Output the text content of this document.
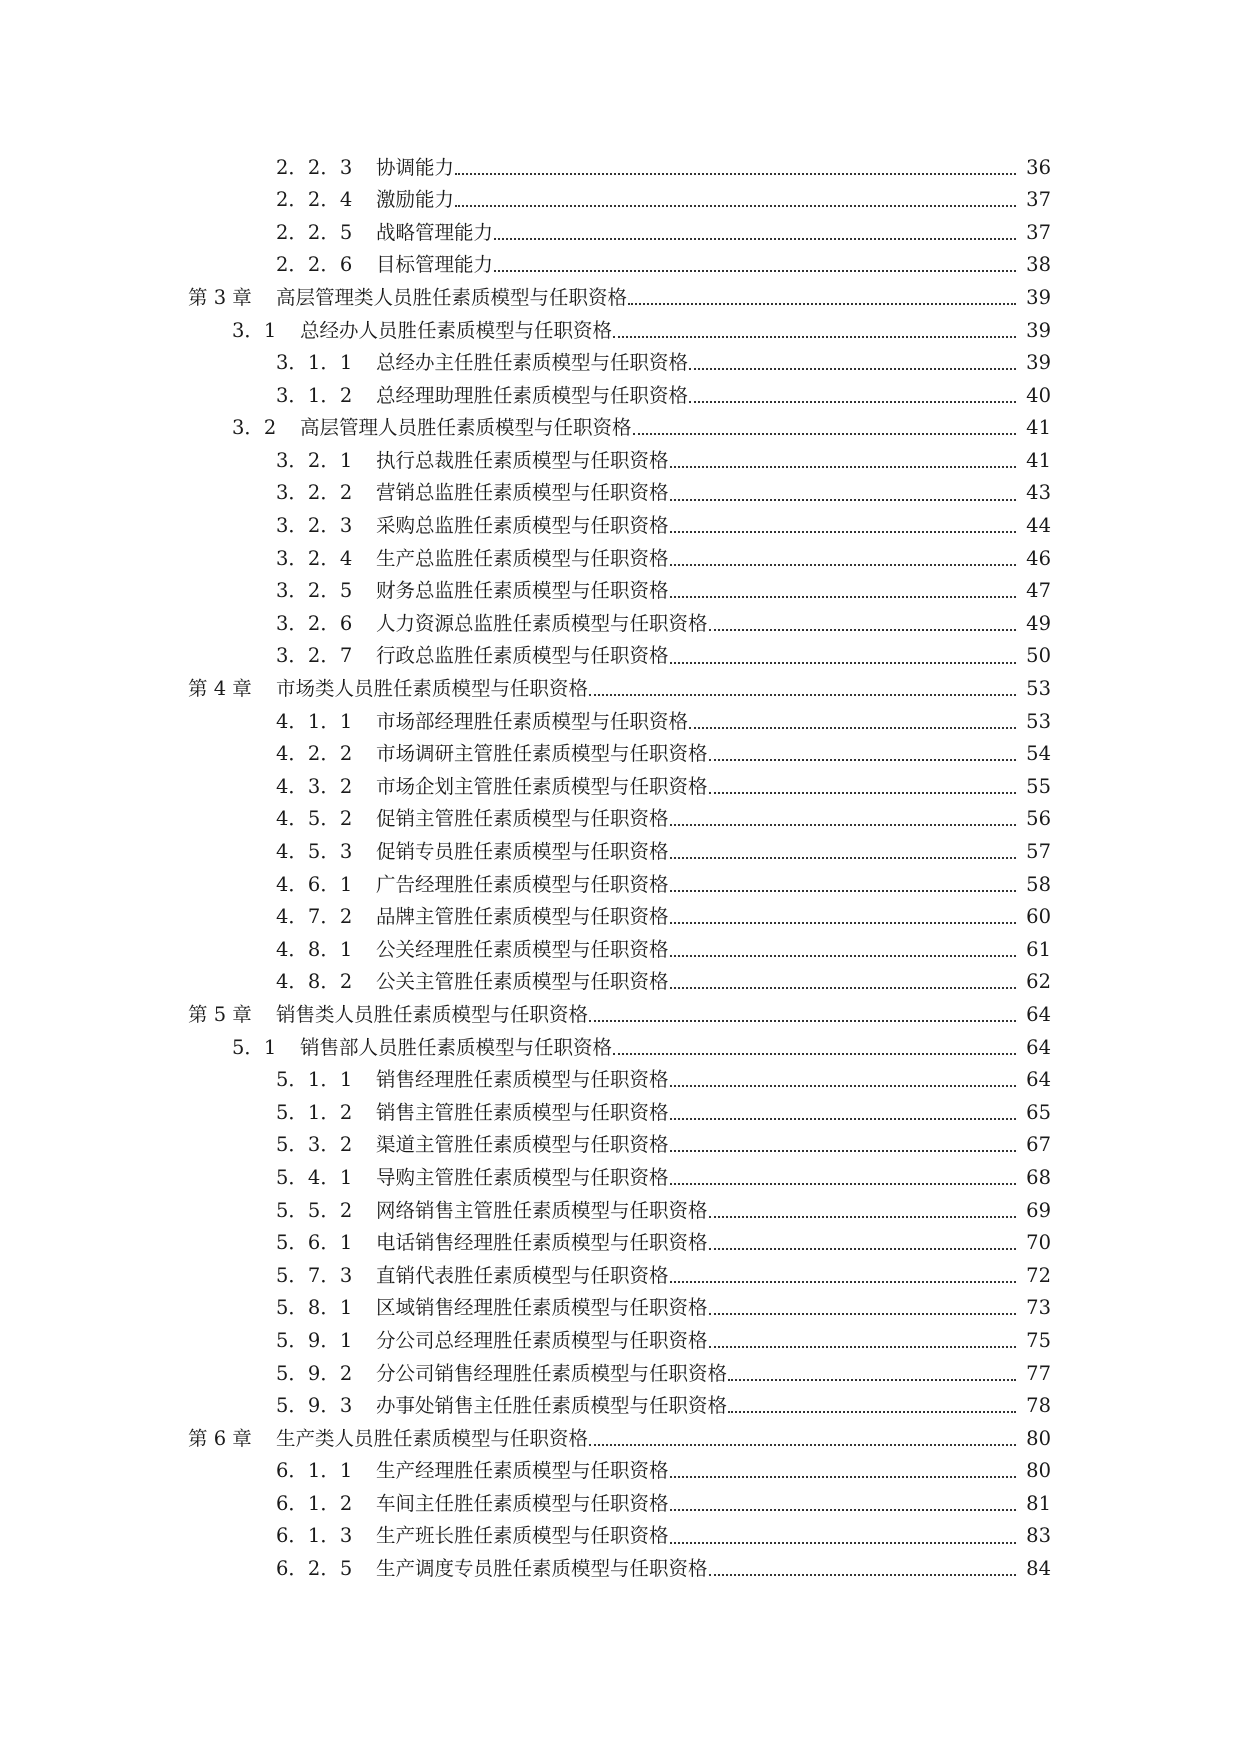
2．2．3	协调能力	36
2．2．4	激励能力	37
2．2．5	战略管理能力	37
2．2．6	目标管理能力	38
第 3 章	高层管理类人员胜任素质模型与任职资格	39
3．1	总经办人员胜任素质模型与任职资格	39
3．1．1	总经办主任胜任素质模型与任职资格	39
3．1．2	总经理助理胜任素质模型与任职资格	40
3．2	高层管理人员胜任素质模型与任职资格	41
3．2．1	执行总裁胜任素质模型与任职资格	41
3．2．2	营销总监胜任素质模型与任职资格	43
3．2．3	采购总监胜任素质模型与任职资格	44
3．2．4	生产总监胜任素质模型与任职资格	46
3．2．5	财务总监胜任素质模型与任职资格	47
3．2．6	人力资源总监胜任素质模型与任职资格	49
3．2．7	行政总监胜任素质模型与任职资格	50
第 4 章	市场类人员胜任素质模型与任职资格	53
4．1．1	市场部经理胜任素质模型与任职资格	53
4．2．2	市场调研主管胜任素质模型与任职资格	54
4．3．2	市场企划主管胜任素质模型与任职资格	55
4．5．2	促销主管胜任素质模型与任职资格	56
4．5．3	促销专员胜任素质模型与任职资格	57
4．6．1	广告经理胜任素质模型与任职资格	58
4．7．2	品牌主管胜任素质模型与任职资格	60
4．8．1	公关经理胜任素质模型与任职资格	61
4．8．2	公关主管胜任素质模型与任职资格	62
第 5 章	销售类人员胜任素质模型与任职资格	64
5．1	销售部人员胜任素质模型与任职资格	64
5．1．1	销售经理胜任素质模型与任职资格	64
5．1．2	销售主管胜任素质模型与任职资格	65
5．3．2	渠道主管胜任素质模型与任职资格	67
5．4．1	导购主管胜任素质模型与任职资格	68
5．5．2	网络销售主管胜任素质模型与任职资格	69
5．6．1	电话销售经理胜任素质模型与任职资格	70
5．7．3	直销代表胜任素质模型与任职资格	72
5．8．1	区域销售经理胜任素质模型与任职资格	73
5．9．1	分公司总经理胜任素质模型与任职资格	75
5．9．2	分公司销售经理胜任素质模型与任职资格	77
5．9．3	办事处销售主任胜任素质模型与任职资格	78
第 6 章	生产类人员胜任素质模型与任职资格	80
6．1．1	生产经理胜任素质模型与任职资格	80
6．1．2	车间主任胜任素质模型与任职资格	81
6．1．3	生产班长胜任素质模型与任职资格	83
6．2．5	生产调度专员胜任素质模型与任职资格	84
